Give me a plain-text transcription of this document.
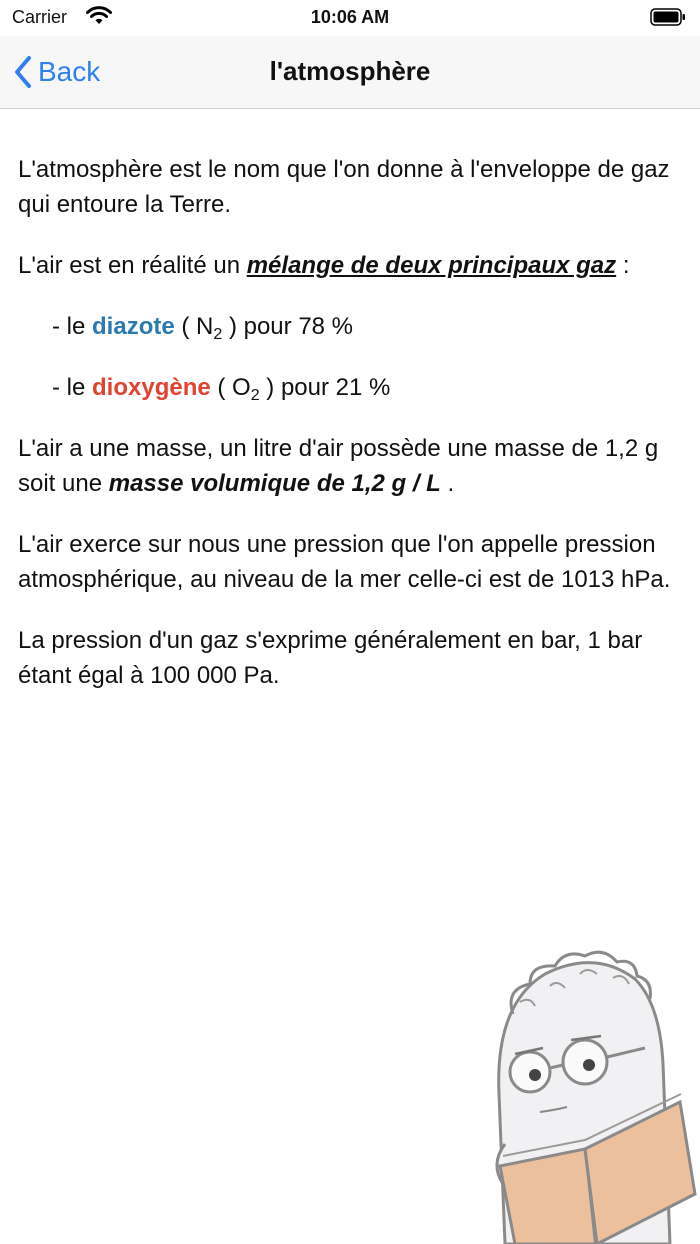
Carrier	10:06 AM
Back	l'atmosphère

L'atmosphère est le nom que l'on donne à l'enveloppe de gaz qui entoure la Terre.

L'air est en réalité un mélange de deux principaux gaz :

- le diazote ( $N_2$ ) pour 78 %

- le dioxygène ( $O_2$ ) pour 21 %

L'air a une masse, un litre d'air possède une masse de 1,2 g soit une masse volumique de 1,2 g / L .

L'air exerce sur nous une pression que l'on appelle pression atmosphérique, au niveau de la mer celle-ci est de 1013 hPa.

La pression d'un gaz s'exprime généralement en bar, 1 bar étant égal à 100 000 Pa.
